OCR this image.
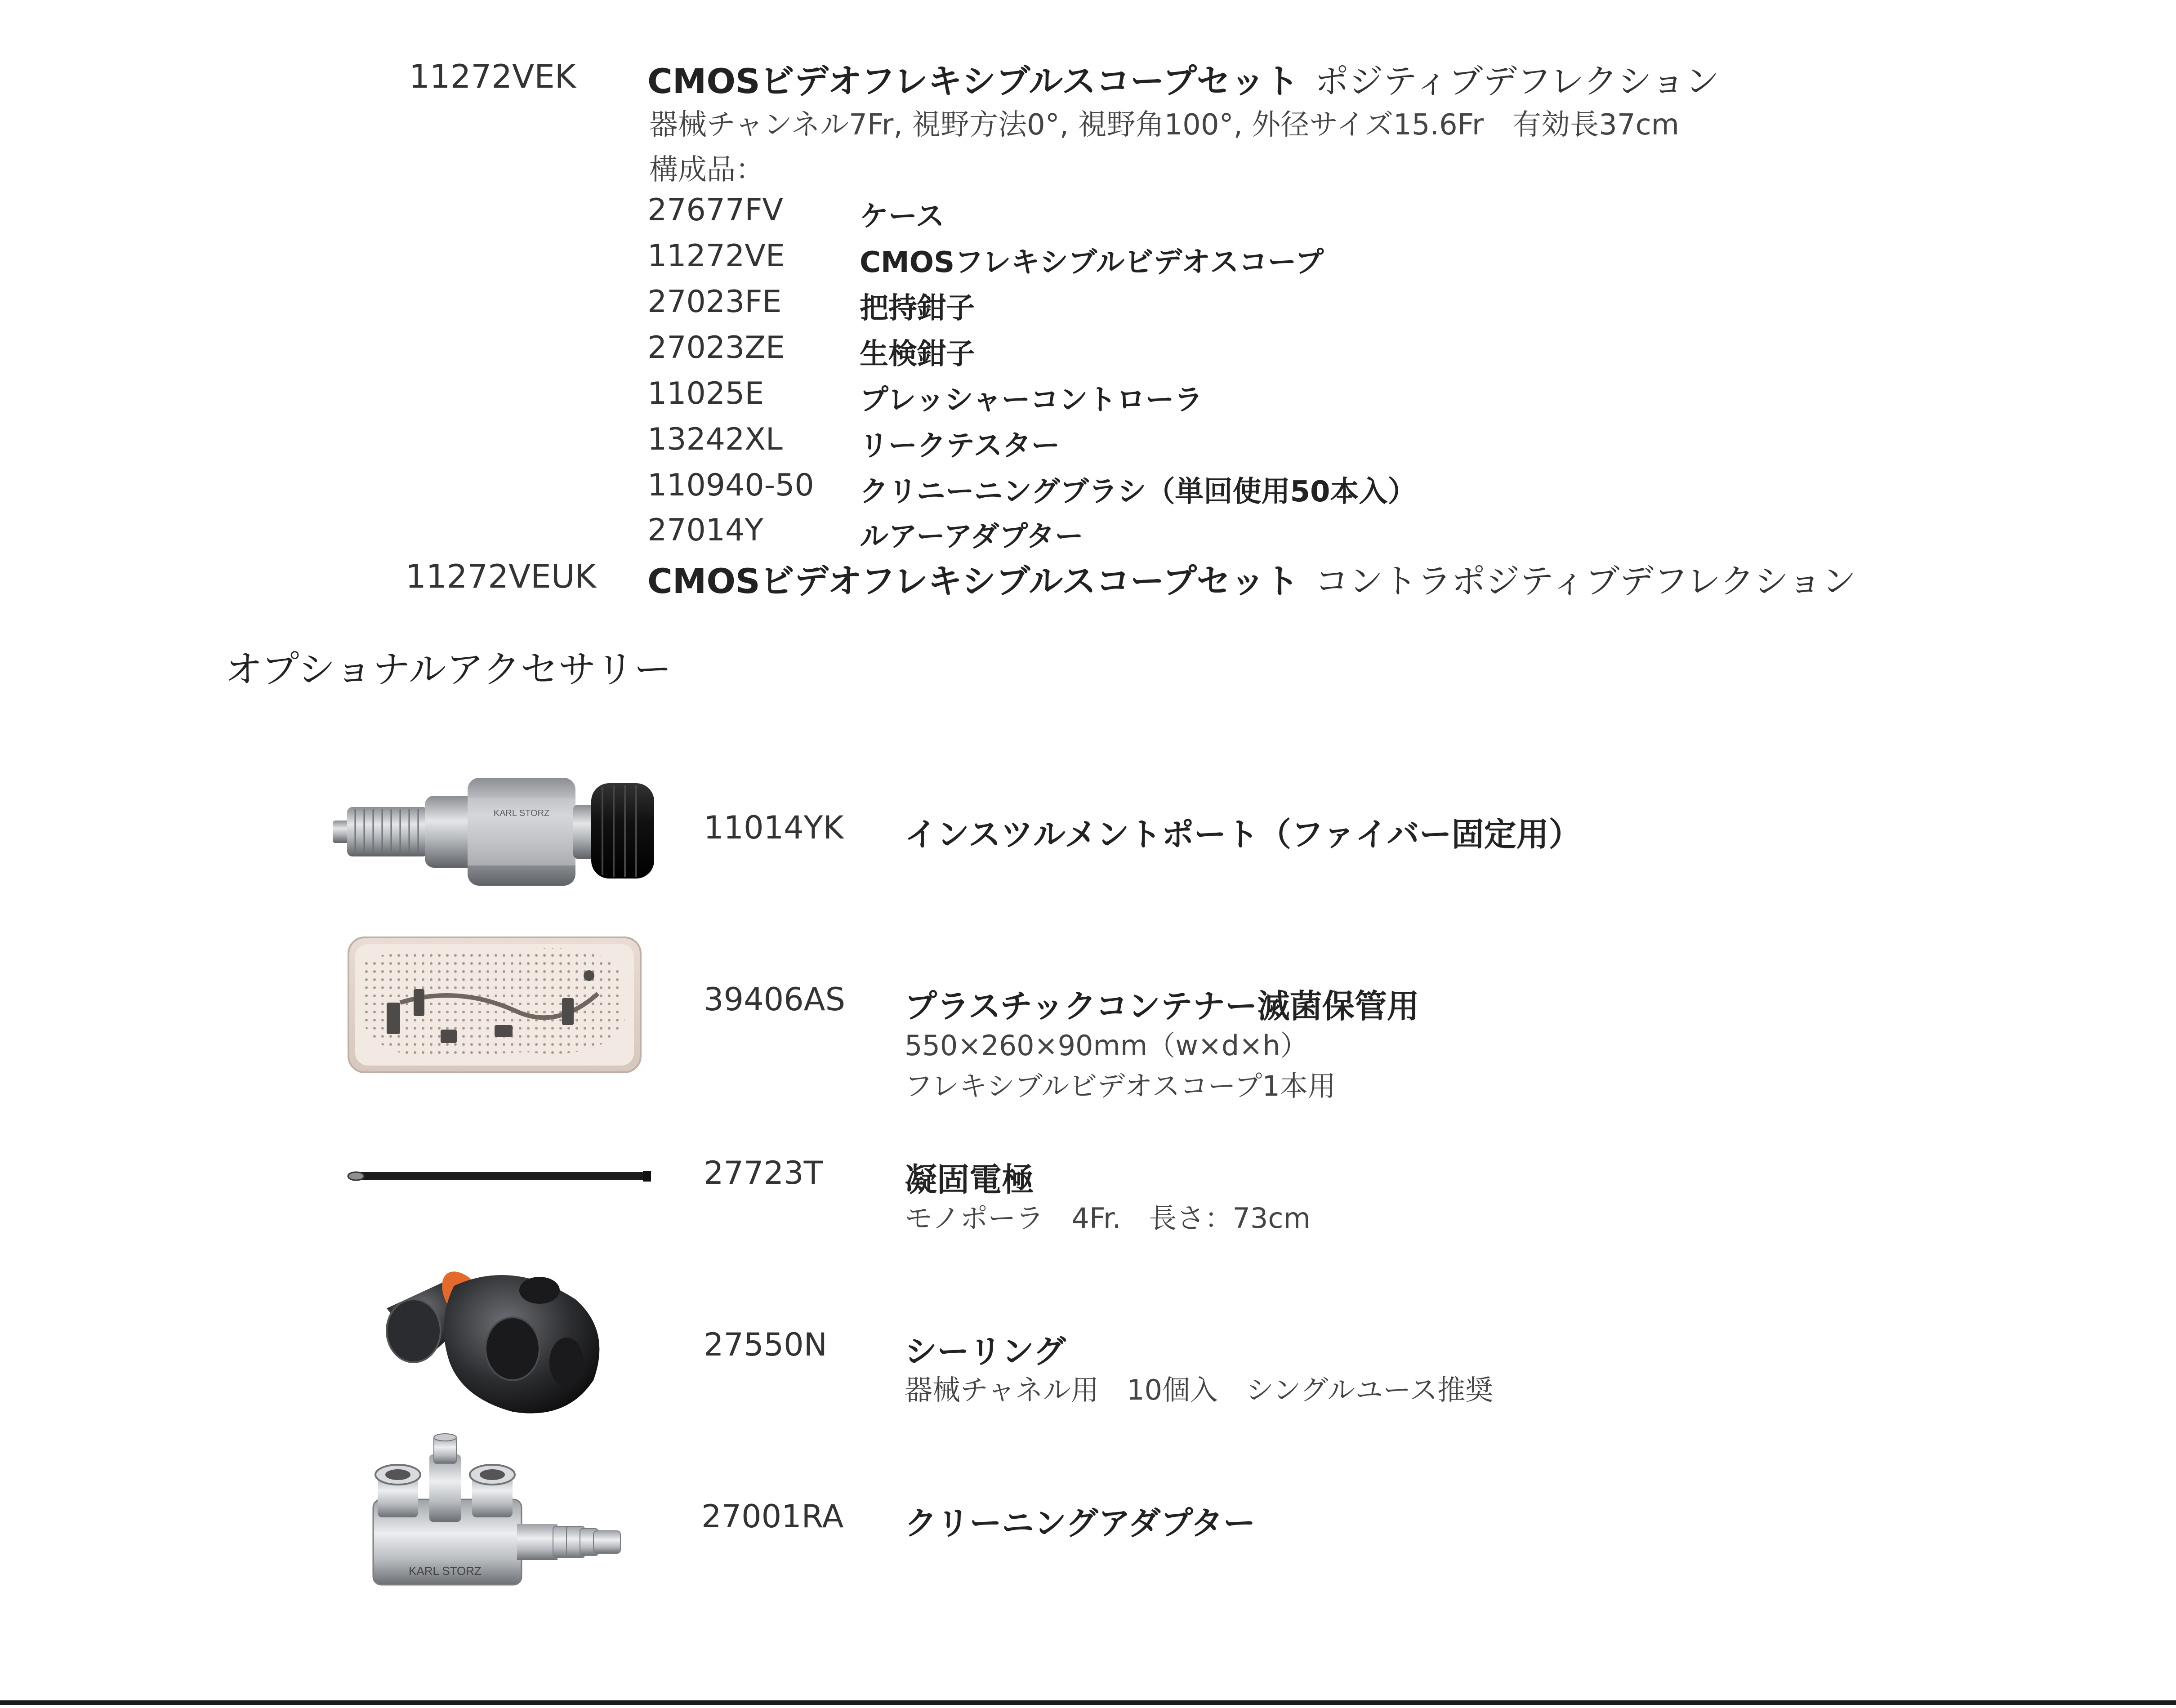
11272VEK CMOSビデオフレキシブルスコープセット ポジティブデフレクション
器械チャンネル7Fr, 視野方法0°, 視野角100°, 外径サイズ15.6Fr　有効長37cm
構成品：
27677FV	ケース
11272VE	CMOSフレキシブルビデオスコープ
27023FE	把持鉗子
27023ZE	生検鉗子
11025E	プレッシャーコントローラ
13242XL	リークテスター
110940-50 クリニーニングブラシ（単回使用50本入）
27014Y	ルアーアダプター
11272VEUK CMOSビデオフレキシブルスコープセット コントラポジティブデフレクション
オプショナルアクセサリー
KARL STORZ	11014YK インスツルメントポート（ファイバー固定用）
39406AS プラスチックコンテナー滅菌保管用
550×260×90mm（w×d×h）
フレキシブルビデオスコープ1本用
27723T	凝固電極
モノポーラ　4Fr.　長さ：73cm
27550N シーリング
器械チャネル用　10個入　シングルユース推奨
KARL STORZ
27001RA クリーニングアダプター
